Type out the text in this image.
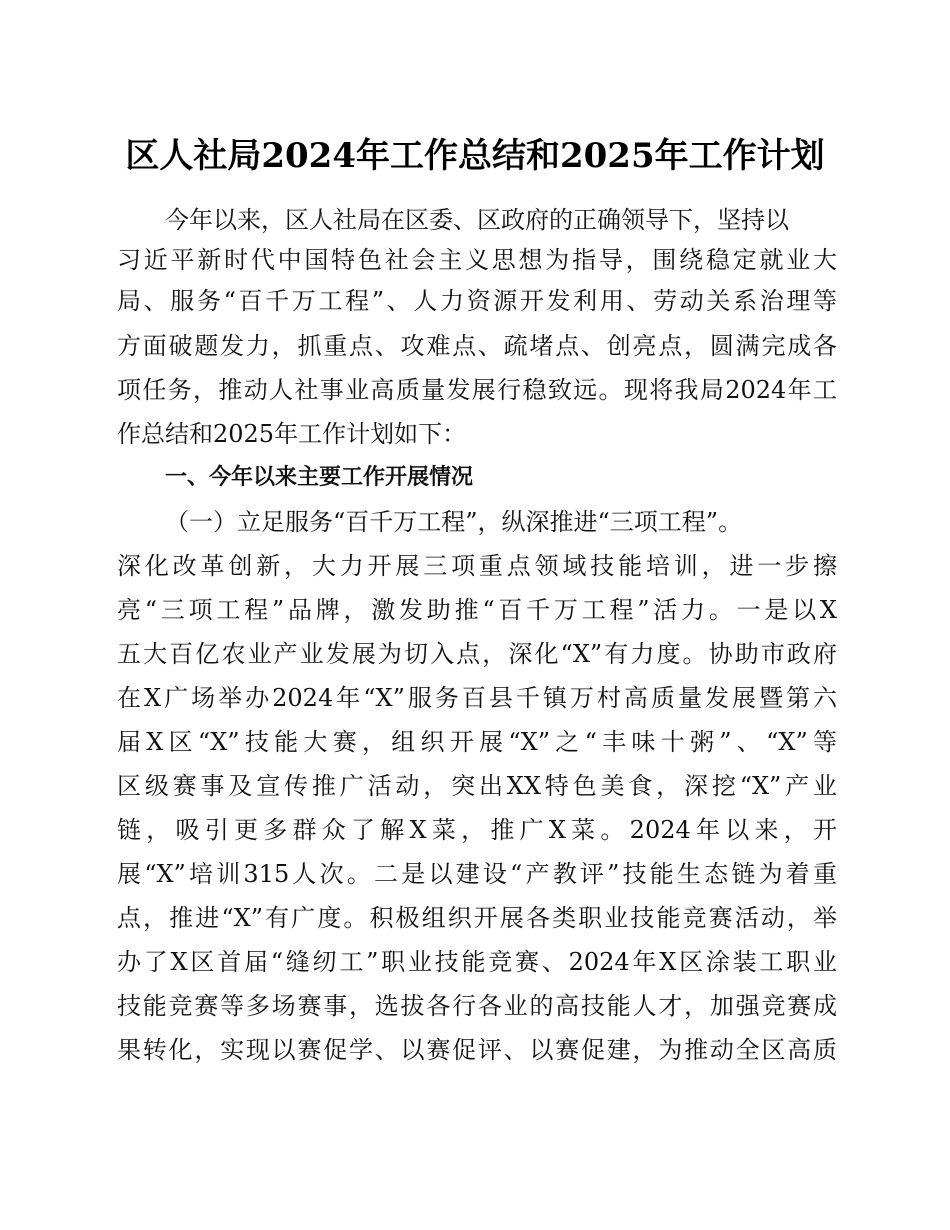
区人社局2024年工作总结和2025年工作计划
今年以来，区人社局在区委、区政府的正确领导下，坚持以
习近平新时代中国特色社会主义思想为指导，围绕稳定就业大
局、服务“百千万工程”、人力资源开发利用、劳动关系治理等
方面破题发力，抓重点、攻难点、疏堵点、创亮点，圆满完成各
项任务，推动人社事业高质量发展行稳致远。现将我局2024年工
作总结和2025年工作计划如下：
一、今年以来主要工作开展情况
（一）立足服务“百千万工程”，纵深推进“三项工程”。
深化改革创新，大力开展三项重点领域技能培训，进一步擦
亮“三项工程”品牌，激发助推“百千万工程”活力。一是以X
五大百亿农业产业发展为切入点，深化“X”有力度。协助市政府
在X广场举办2024年“X”服务百县千镇万村高质量发展暨第六
届X区“X”技能大赛，组织开展“X”之“丰味十粥”、“X”等
区级赛事及宣传推广活动，突出XX特色美食，深挖“X”产业
链，吸引更多群众了解X菜，推广X菜。2024年以来，开
展“X”培训315人次。二是以建设“产教评”技能生态链为着重
点，推进“X”有广度。积极组织开展各类职业技能竞赛活动，举
办了X区首届“缝纫工”职业技能竞赛、2024年X区涂装工职业
技能竞赛等多场赛事，选拔各行各业的高技能人才，加强竞赛成
果转化，实现以赛促学、以赛促评、以赛促建，为推动全区高质
